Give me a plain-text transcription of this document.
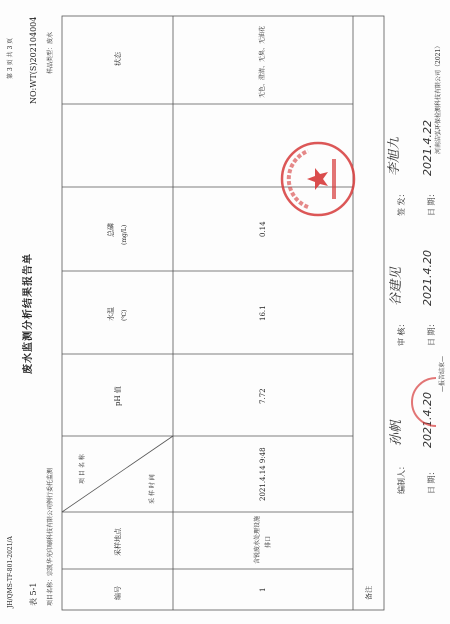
第 3 页 共 3 页 NO:WT(S)2021​04004 样品类型：废水
JH/QMS-TF-801-2021/A 表 5-1
废水监测分析结果报告单
项目名称：宗凯华光印刷科技有限公司例行委托监测	编号
采样地点
项 目 名 称
采 样 时 间
pH 值
水温 (℃)
总磷 (mg/L)
状态
1
含锐废水处理设施 排口
2021.4.14 9:48
7.72
16.1
0.14
无色、澄清、无臭、无油花
备注
编制人：
孙帆
日 期：
2021.4.20
审 核：
谷建见
日 期：
2021.4.20
—报告结束—
签 发：
李旭九
日 期：
2021.4.22 河南洁弘环保检测科技有限公司（2021）
